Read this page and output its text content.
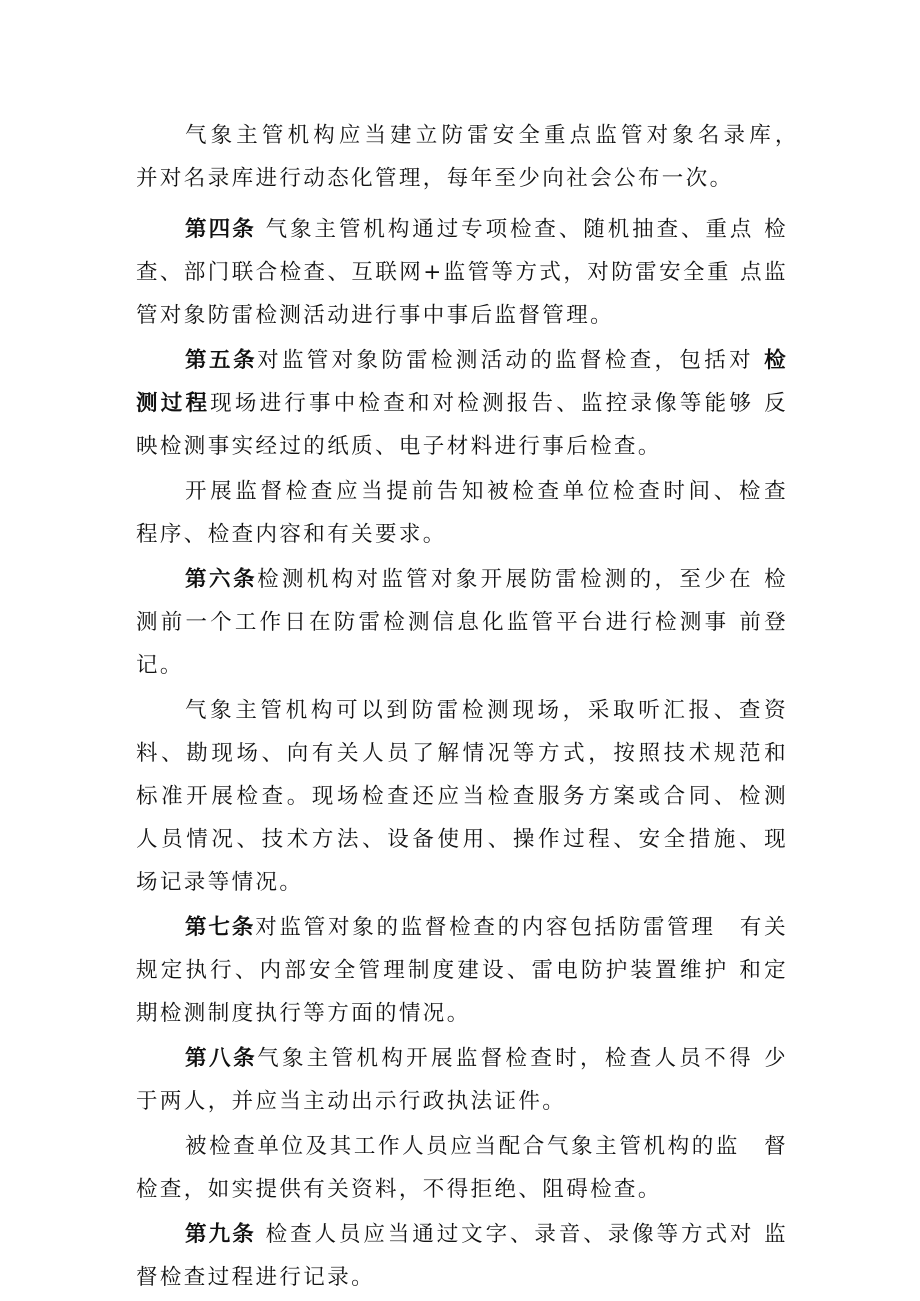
气象主管机构应当建立防雷安全重点监管对象名录库，　并对名录库进行动态化管理，每年至少向社会公布一次。

第四条 气象主管机构通过专项检查、随机抽查、重点 检查、部门联合检查、互联网+监管等方式，对防雷安全重 点监管对象防雷检测活动进行事中事后监督管理。

第五条对监管对象防雷检测活动的监督检查，包括对 检测过程现场进行事中检查和对检测报告、监控录像等能够 反映检测事实经过的纸质、电子材料进行事后检查。

开展监督检查应当提前告知被检查单位检查时间、检查 程序、检查内容和有关要求。

第六条检测机构对监管对象开展防雷检测的，至少在 检测前一个工作日在防雷检测信息化监管平台进行检测事 前登记。

气象主管机构可以到防雷检测现场，采取听汇报、查资　料、勘现场、向有关人员了解情况等方式，按照技术规范和 标准开展检查。现场检查还应当检查服务方案或合同、检测 人员情况、技术方法、设备使用、操作过程、安全措施、现 场记录等情况。

第七条对监管对象的监督检查的内容包括防雷管理　有关规定执行、内部安全管理制度建设、雷电防护装置维护 和定期检测制度执行等方面的情况。

第八条气象主管机构开展监督检查时，检查人员不得 少于两人，并应当主动出示行政执法证件。

被检查单位及其工作人员应当配合气象主管机构的监　督检查，如实提供有关资料，不得拒绝、阻碍检查。

第九条 检查人员应当通过文字、录音、录像等方式对 监督检查过程进行记录。
